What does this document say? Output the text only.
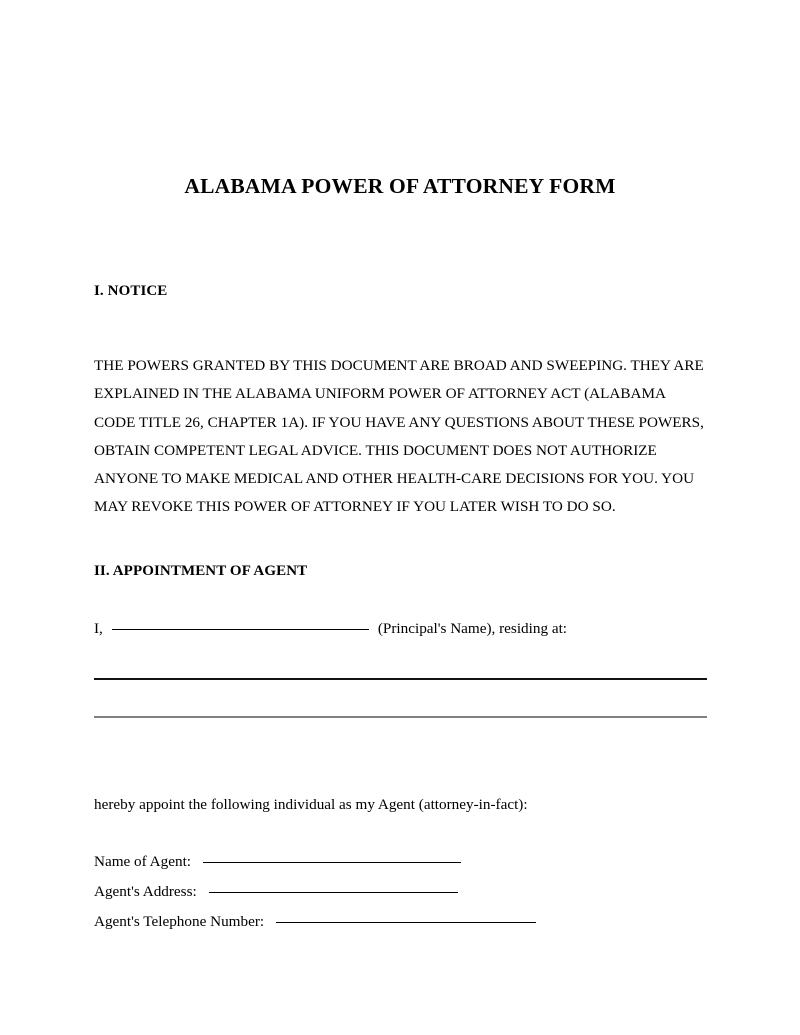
ALABAMA POWER OF ATTORNEY FORM
I. NOTICE

THE POWERS GRANTED BY THIS DOCUMENT ARE BROAD AND SWEEPING. THEY ARE EXPLAINED IN THE ALABAMA UNIFORM POWER OF ATTORNEY ACT (ALABAMA CODE TITLE 26, CHAPTER 1A). IF YOU HAVE ANY QUESTIONS ABOUT THESE POWERS, OBTAIN COMPETENT LEGAL ADVICE. THIS DOCUMENT DOES NOT AUTHORIZE ANYONE TO MAKE MEDICAL AND OTHER HEALTH-CARE DECISIONS FOR YOU. YOU MAY REVOKE THIS POWER OF ATTORNEY IF YOU LATER WISH TO DO SO.

II. APPOINTMENT OF AGENT
I,	(Principal's Name), residing at:
hereby appoint the following individual as my Agent (attorney-in-fact):
Name of Agent:
Agent's Address:
Agent's Telephone Number:
